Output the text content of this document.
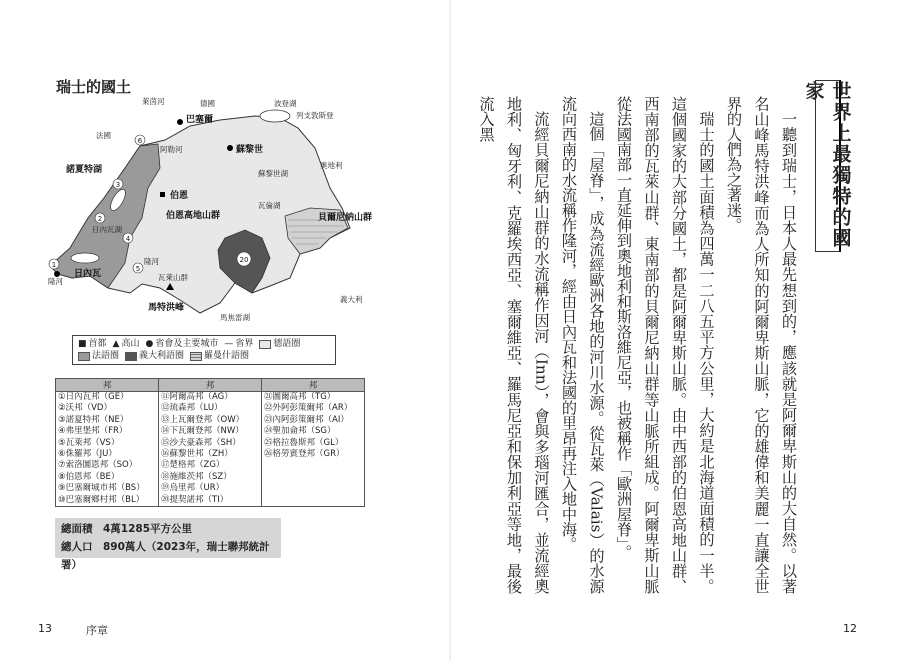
瑞士的國土
1
2
3
4
5
6
20
萊茵河	德國	波登湖
巴塞爾	列支敦斯登
奧地利
法國
諾夏特湖
阿勒河	蘇黎世
蘇黎世湖
伯恩
伯恩高地山群
瓦倫湖
貝爾尼納山群
日內瓦湖
隆河
日內瓦	瓦萊山群
馬特洪峰
馬焦雷湖
義大利
隆河
■ 首都 ▲ 高山 ● 省會及主要城市 — 省界 德語圈
法語圈 義大利語圈 羅曼什語圈
邦	邦	邦
①日內瓦邦（GE）	⑪阿爾高邦（AG）	㉑圖爾高邦（TG）
②沃邦（VD）	⑫琉森邦（LU）	㉒外阿彭策爾邦（AR）
③諾夏特邦（NE）	⑬上瓦爾登邦（OW）	㉓內阿彭策爾邦（AI）
④弗里堡邦（FR）	⑭下瓦爾登邦（NW）	㉔聖加侖邦（SG）
⑤瓦萊邦（VS）	⑮沙夫豪森邦（SH）	㉕格拉魯斯邦（GL）
⑥侏羅邦（JU）	⑯蘇黎世邦（ZH）	㉖格勞賓登邦（GR）
⑦索洛圖恩邦（SO）	⑰楚格邦（ZG）	
⑧伯恩邦（BE）	⑱施維茨邦（SZ）	
⑨巴塞爾城市邦（BS）	⑲烏里邦（UR）	
⑩巴塞爾鄉村邦（BL）	⑳提契諾邦（TI）	
總面積　4萬1285平方公里
總人口　890萬人（2023年，瑞士聯邦統計署）
13	序章
世界上最獨特的國家

一聽到瑞士，日本人最先想到的，應該就是阿爾卑斯山的大自然。以著名山峰馬特洪峰而為人所知的阿爾卑斯山脈，它的雄偉和美麗一直讓全世界的人們為之著迷。

瑞士的國土面積為四萬一二八五平方公里，大約是北海道面積的一半。這個國家的大部分國土，都是阿爾卑斯山脈。由中西部的伯恩高地山群、西南部的瓦萊山群、東南部的貝爾尼納山群等山脈所組成。阿爾卑斯山脈從法國南部一直延伸到奧地利和斯洛維尼亞，也被稱作「歐洲屋脊」。

這個「屋脊」，成為流經歐洲各地的河川水源。從瓦萊（Valais）的水源流向西南的水流稱作隆河，經由日內瓦和法國的里昂再注入地中海。

流經貝爾尼納山群的水流稱作因河（Inn），會與多瑙河匯合，並流經奧地利、匈牙利、克羅埃西亞、塞爾維亞、羅馬尼亞和保加利亞等地，最後流入黑

12
